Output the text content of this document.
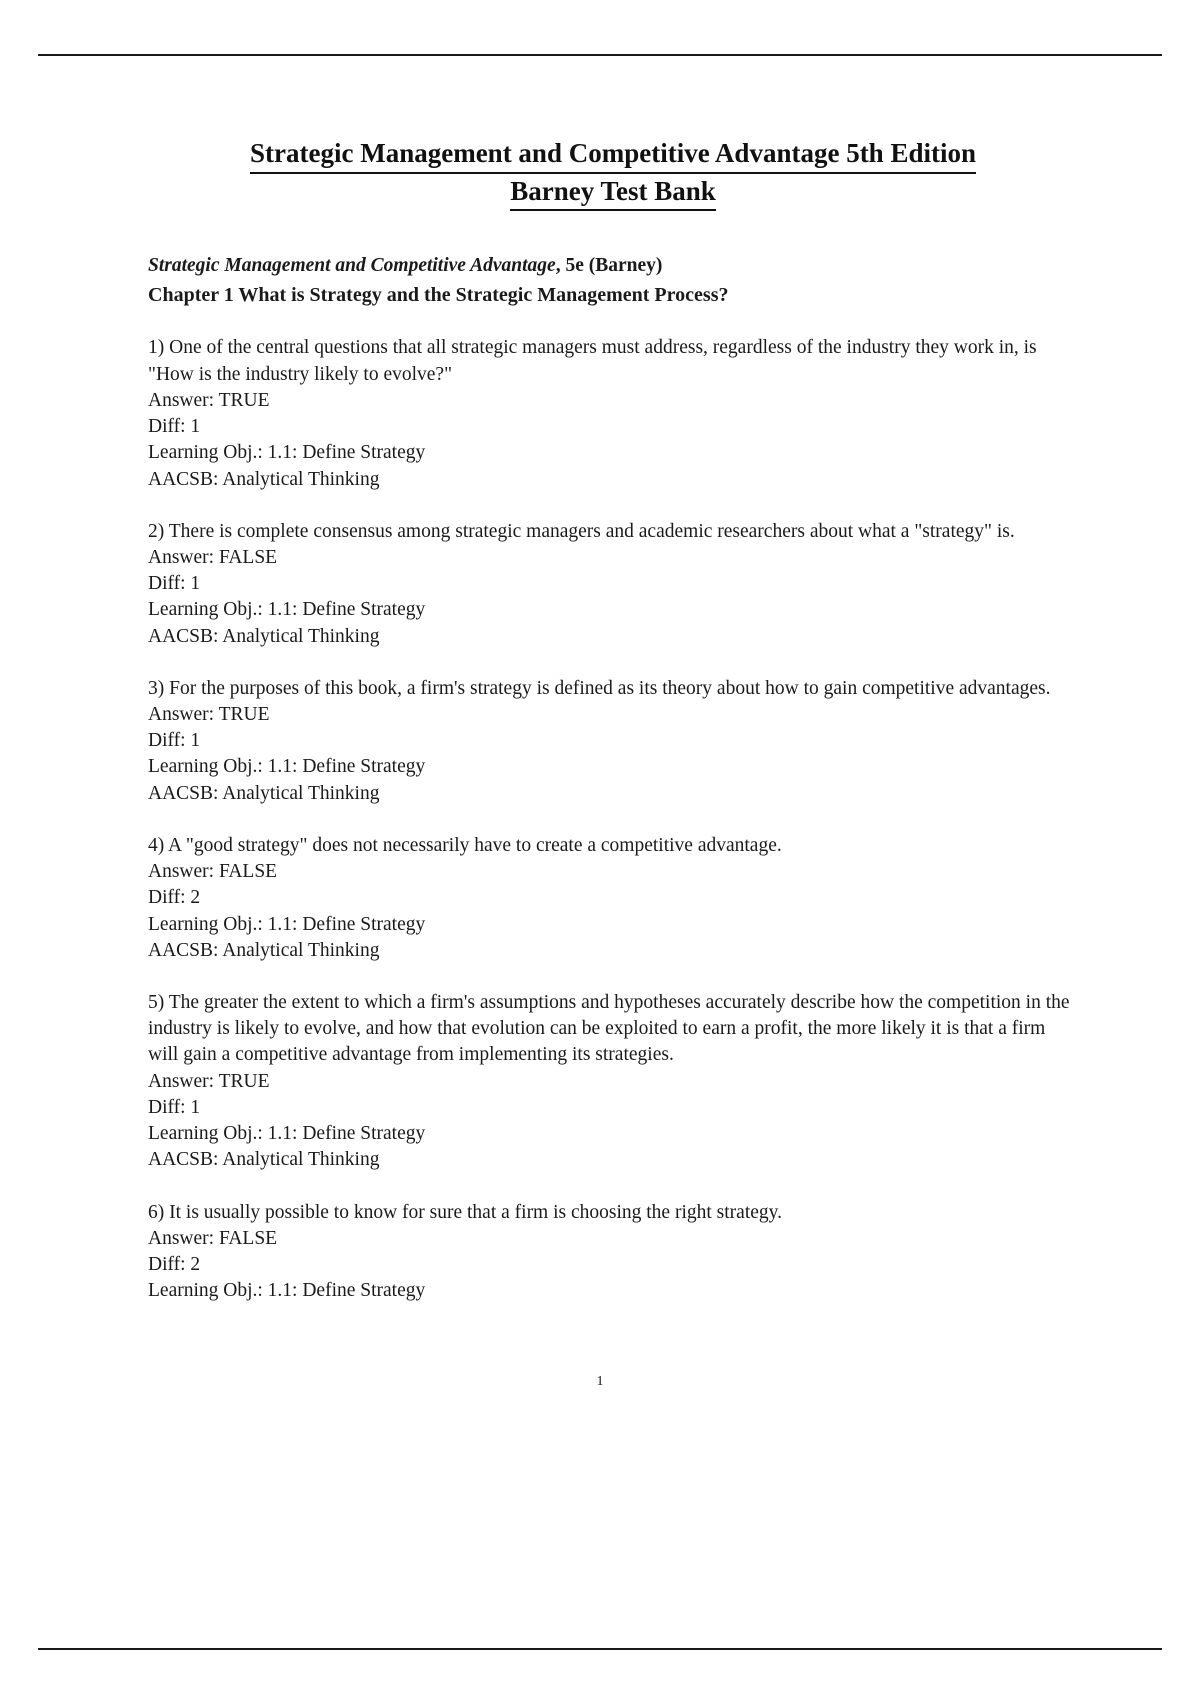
Strategic Management and Competitive Advantage 5th Edition
Barney Test Bank
Strategic Management and Competitive Advantage, 5e (Barney)
Chapter 1 What is Strategy and the Strategic Management Process?

1) One of the central questions that all strategic managers must address, regardless of the industry they work in, is "How is the industry likely to evolve?"

Answer: TRUE

Diff: 1

Learning Obj.: 1.1: Define Strategy

AACSB: Analytical Thinking

2) There is complete consensus among strategic managers and academic researchers about what a "strategy" is.

Answer: FALSE

Diff: 1

Learning Obj.: 1.1: Define Strategy

AACSB: Analytical Thinking

3) For the purposes of this book, a firm's strategy is defined as its theory about how to gain competitive advantages.

Answer: TRUE

Diff: 1

Learning Obj.: 1.1: Define Strategy

AACSB: Analytical Thinking

4) A "good strategy" does not necessarily have to create a competitive advantage.

Answer: FALSE

Diff: 2

Learning Obj.: 1.1: Define Strategy

AACSB: Analytical Thinking

5) The greater the extent to which a firm's assumptions and hypotheses accurately describe how the competition in the industry is likely to evolve, and how that evolution can be exploited to earn a profit, the more likely it is that a firm will gain a competitive advantage from implementing its strategies.

Answer: TRUE

Diff: 1

Learning Obj.: 1.1: Define Strategy

AACSB: Analytical Thinking

6) It is usually possible to know for sure that a firm is choosing the right strategy.

Answer: FALSE

Diff: 2

Learning Obj.: 1.1: Define Strategy

1
